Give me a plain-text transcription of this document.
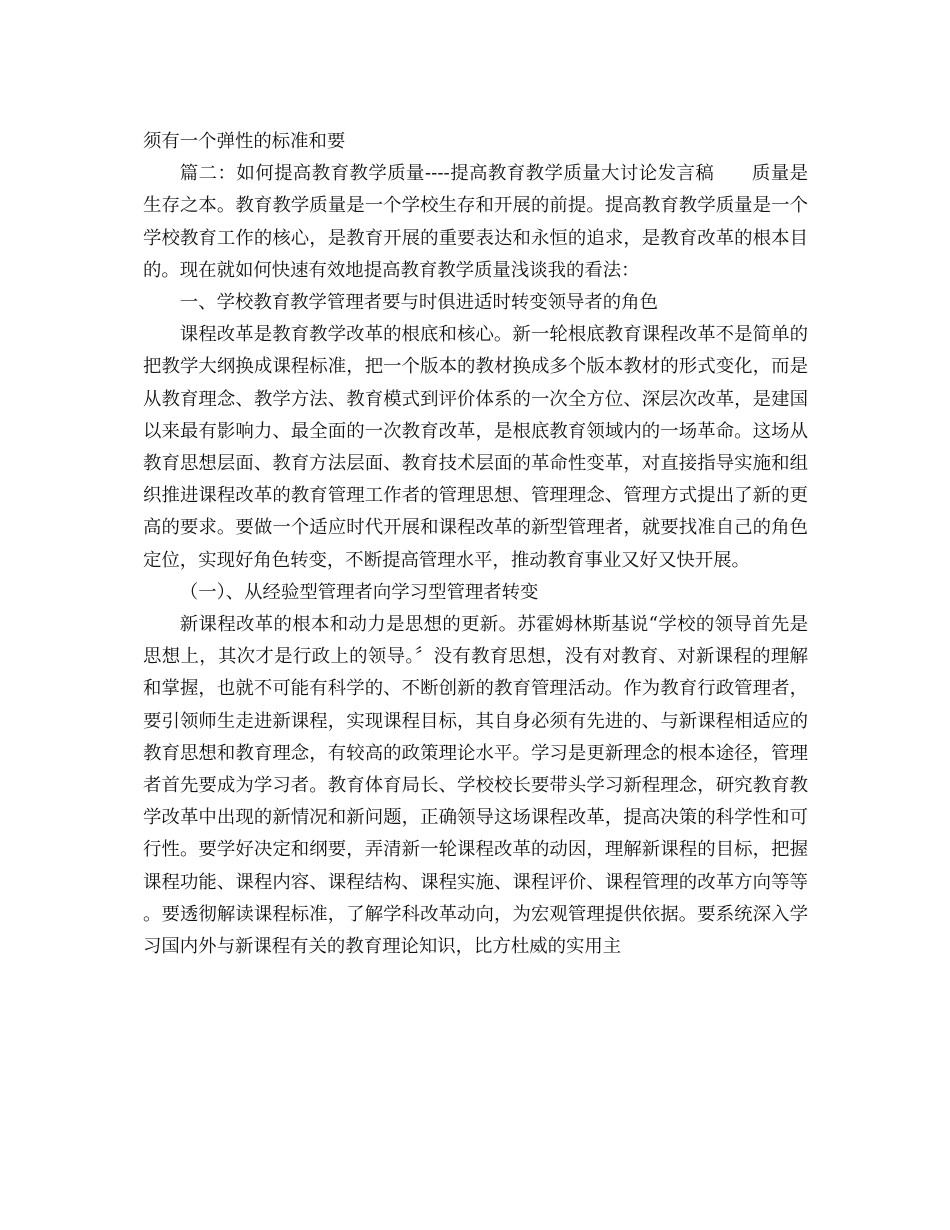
须有一个弹性的标准和要

篇二：如何提高教育教学质量----提高教育教学质量大讨论发言稿　　质量是生存之本。教育教学质量是一个学校生存和开展的前提。提高教育教学质量是一个学校教育工作的核心，是教育开展的重要表达和永恒的追求，是教育改革的根本目的。现在就如何快速有效地提高教育教学质量浅谈我的看法：

一、学校教育教学管理者要与时俱进适时转变领导者的角色

课程改革是教育教学改革的根底和核心。新一轮根底教育课程改革不是简单的把教学大纲换成课程标准，把一个版本的教材换成多个版本教材的形式变化，而是从教育理念、教学方法、教育模式到评价体系的一次全方位、深层次改革，是建国以来最有影响力、最全面的一次教育改革，是根底教育领域内的一场革命。这场从教育思想层面、教育方法层面、教育技术层面的革命性变革，对直接指导实施和组织推进课程改革的教育管理工作者的管理思想、管理理念、管理方式提出了新的更高的要求。要做一个适应时代开展和课程改革的新型管理者，就要找准自己的角色定位，实现好角色转变，不断提高管理水平，推动教育事业又好又快开展。

（一）、从经验型管理者向学习型管理者转变

新课程改革的根本和动力是思想的更新。苏霍姆林斯基说“学校的领导首先是思想上，其次才是行政上的领导。〞没有教育思想，没有对教育、对新课程的理解和掌握，也就不可能有科学的、不断创新的教育管理活动。作为教育行政管理者，要引领师生走进新课程，实现课程目标，其自身必须有先进的、与新课程相适应的教育思想和教育理念，有较高的政策理论水平。学习是更新理念的根本途径，管理者首先要成为学习者。教育体育局长、学校校长要带头学习新程理念，研究教育教学改革中出现的新情况和新问题，正确领导这场课程改革，提高决策的科学性和可行性。要学好决定和纲要，弄清新一轮课程改革的动因，理解新课程的目标，把握课程功能、课程内容、课程结构、课程实施、课程评价、课程管理的改革方向等等。要透彻解读课程标准，了解学科改革动向，为宏观管理提供依据。要系统深入学习国内外与新课程有关的教育理论知识，比方杜威的实用主
